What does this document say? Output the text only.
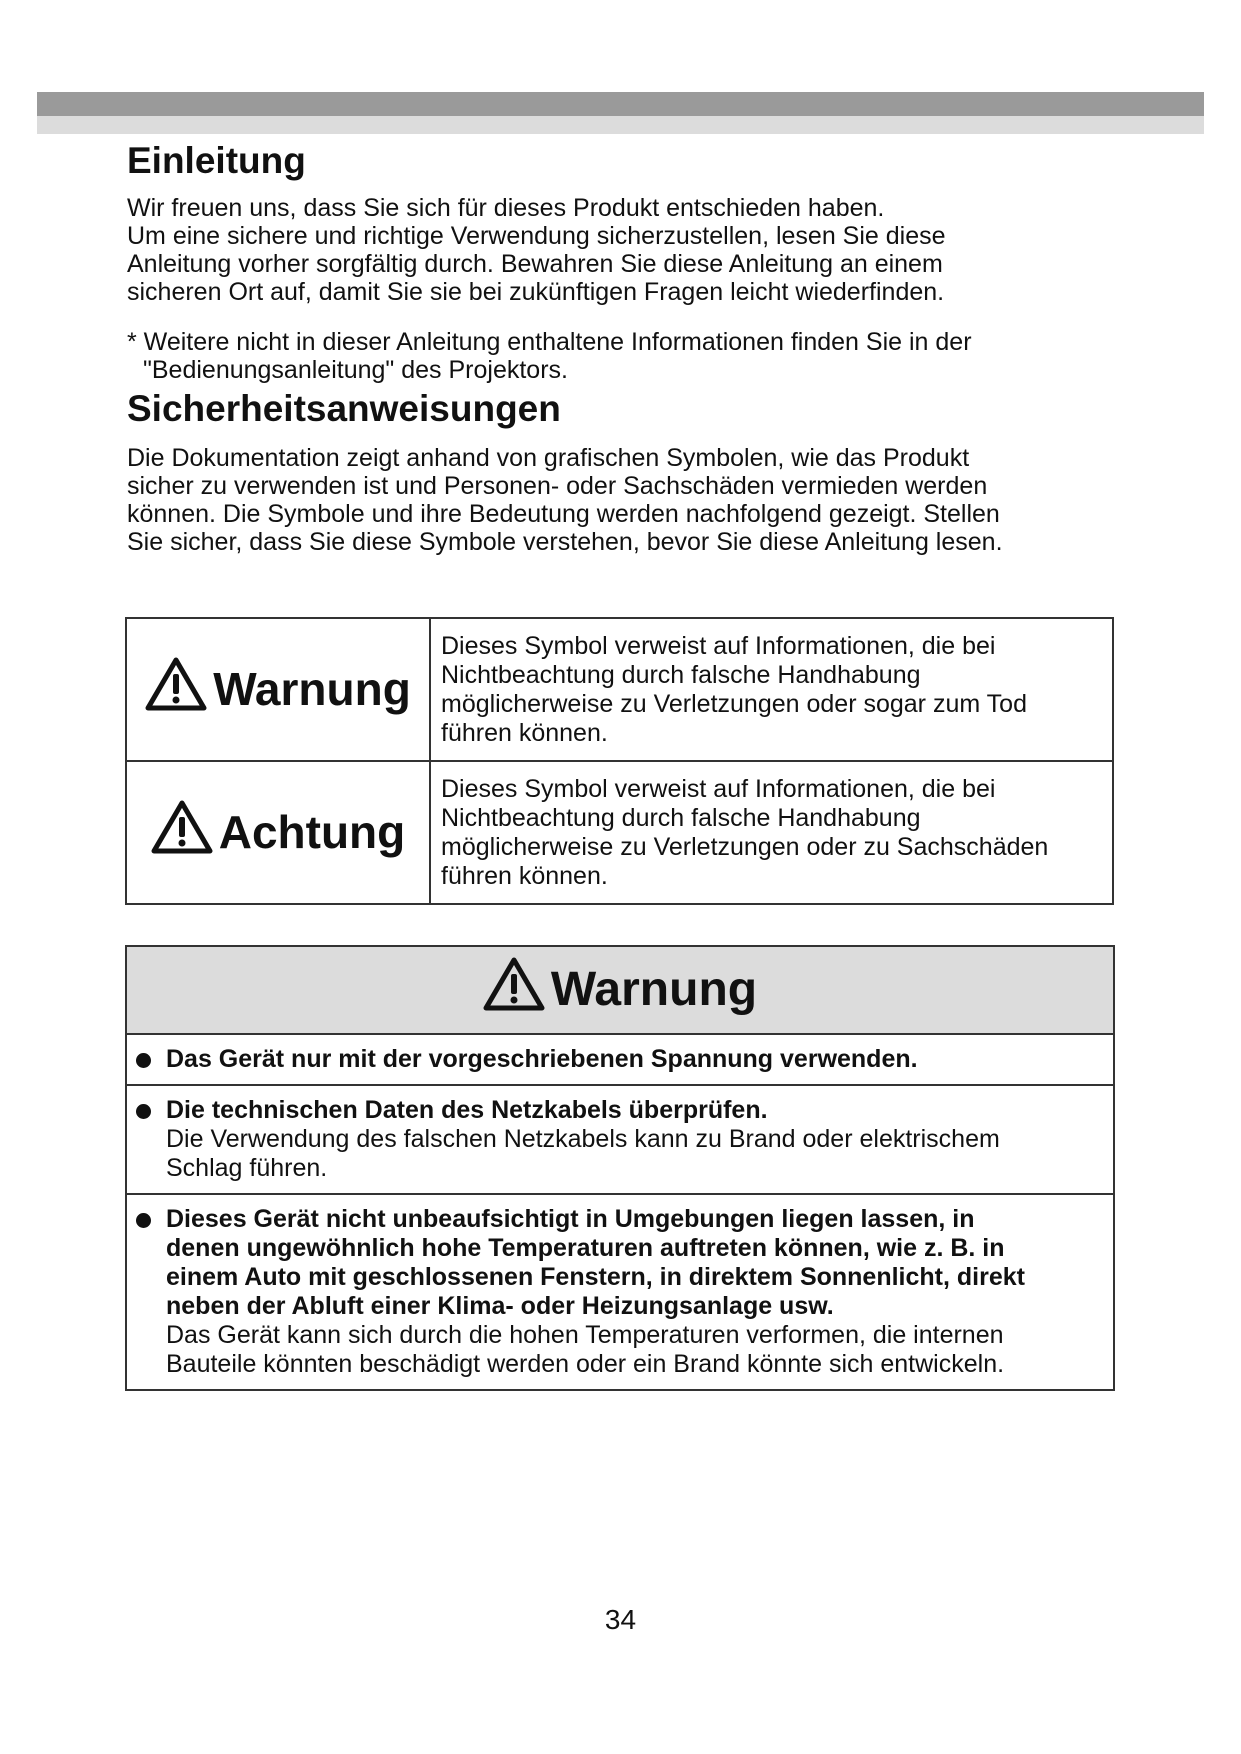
Einleitung

Wir freuen uns, dass Sie sich für dieses Produkt entschieden haben.

Um eine sichere und richtige Verwendung sicherzustellen, lesen Sie diese

Anleitung vorher sorgfältig durch. Bewahren Sie diese Anleitung an einem

sicheren Ort auf, damit Sie sie bei zukünftigen Fragen leicht wiederfinden.

* Weitere nicht in dieser Anleitung enthaltene Informationen finden Sie in der
"Bedienungsanleitung" des Projektors.
Sicherheitsanweisungen

Die Dokumentation zeigt anhand von grafischen Symbolen, wie das Produkt

sicher zu verwenden ist und Personen- oder Sachschäden vermieden werden

können. Die Symbole und ihre Bedeutung werden nachfolgend gezeigt. Stellen

Sie sicher, dass Sie diese Symbole verstehen, bevor Sie diese Anleitung lesen.

Warnung	Dieses Symbol verweist auf Informationen, die bei
Nichtbeachtung durch falsche Handhabung
möglicherweise zu Verletzungen oder sogar zum Tod
führen können.

Achtung	Dieses Symbol verweist auf Informationen, die bei
Nichtbeachtung durch falsche Handhabung
möglicherweise zu Verletzungen oder zu Sachschäden
führen können.
Warnung
Das Gerät nur mit der vorgeschriebenen Spannung verwenden.
Die technischen Daten des Netzkabels überprüfen.
Die Verwendung des falschen Netzkabels kann zu Brand oder elektrischem
Schlag führen.
Dieses Gerät nicht unbeaufsichtigt in Umgebungen liegen lassen, in
denen ungewöhnlich hohe Temperaturen auftreten können, wie z. B. in
einem Auto mit geschlossenen Fenstern, in direktem Sonnenlicht, direkt
neben der Abluft einer Klima- oder Heizungsanlage usw.
Das Gerät kann sich durch die hohen Temperaturen verformen, die internen
Bauteile könnten beschädigt werden oder ein Brand könnte sich entwickeln.
34
